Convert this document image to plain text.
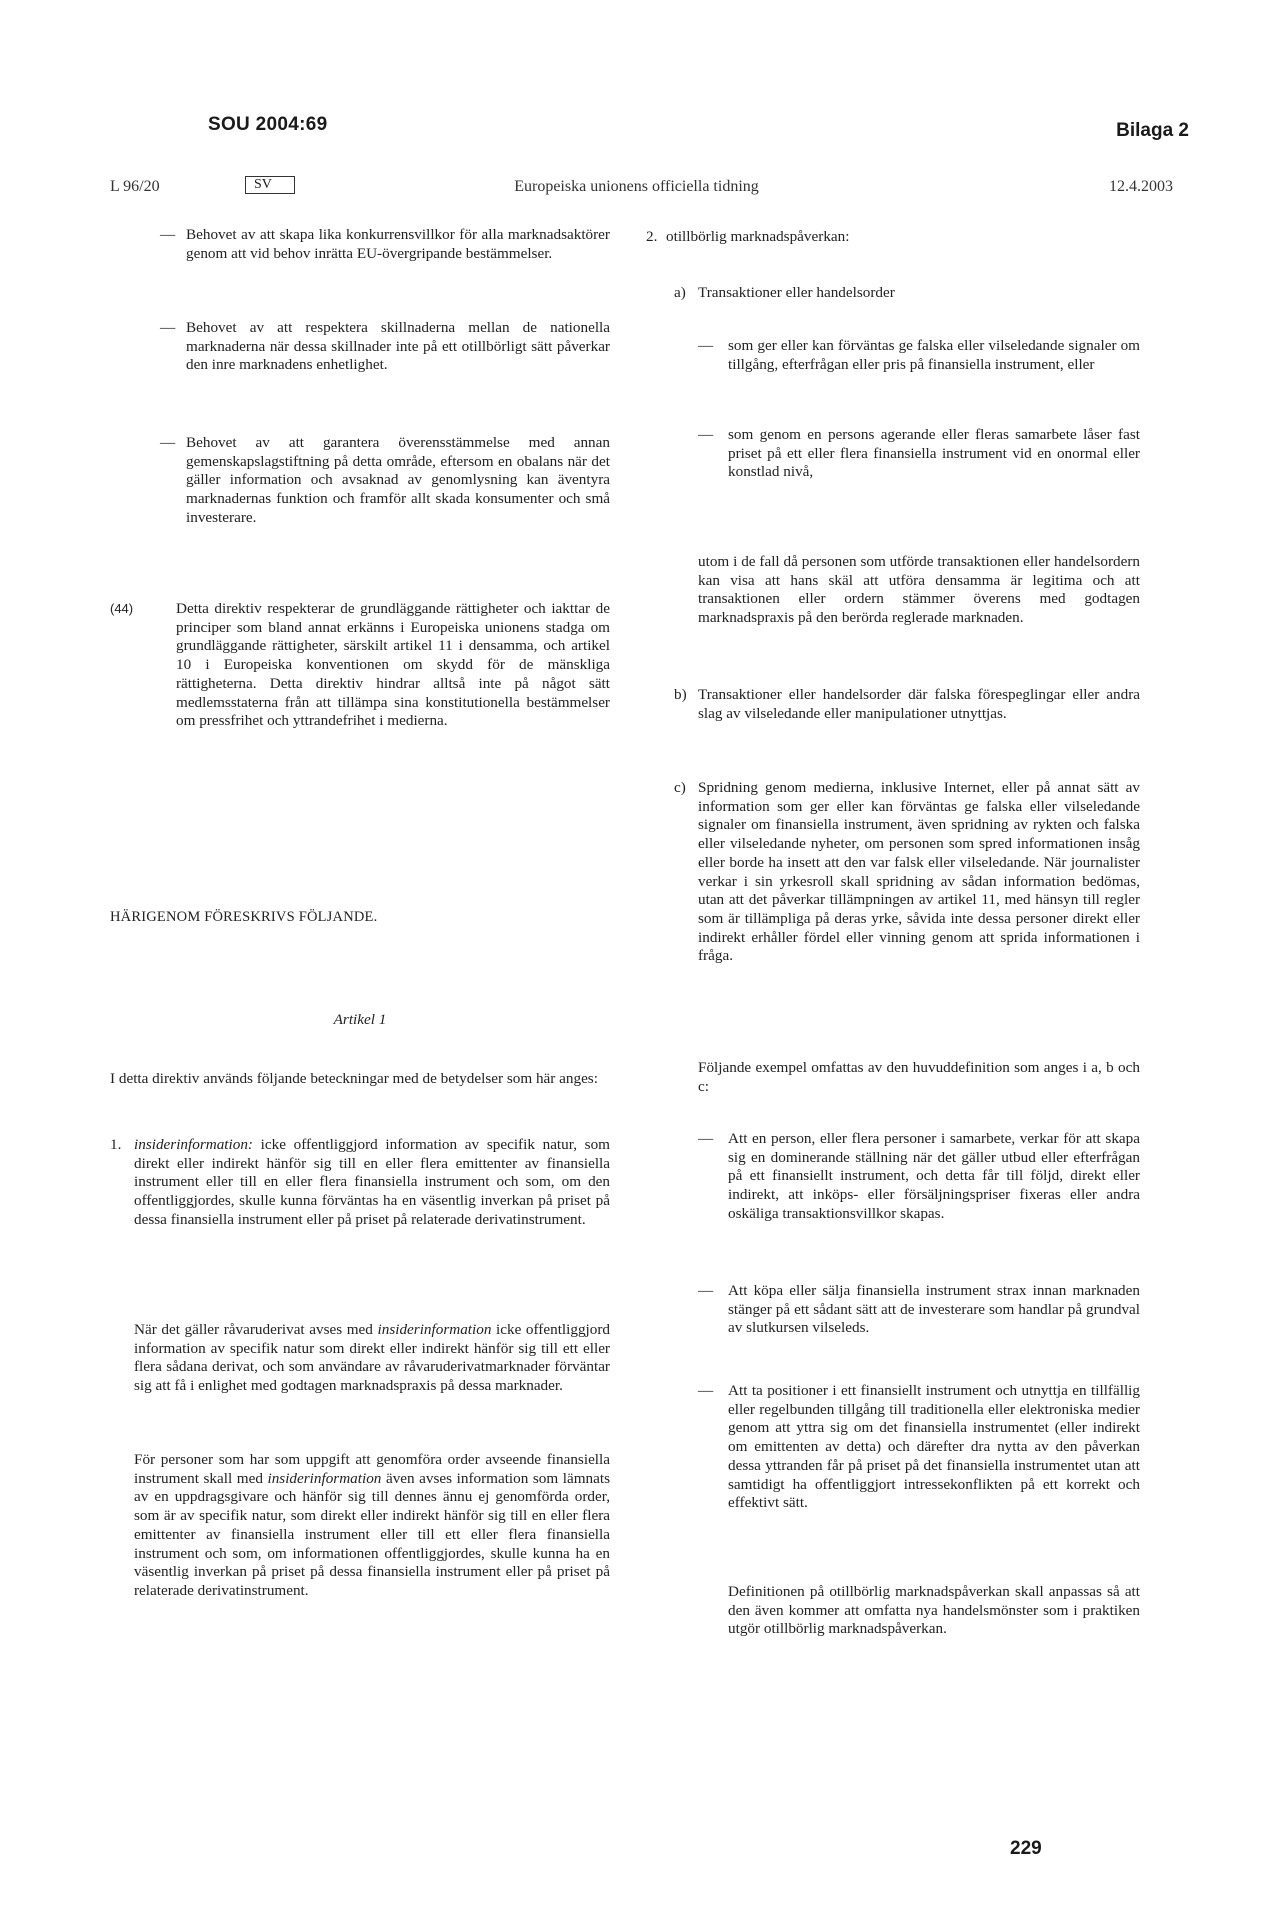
SOU 2004:69	Bilaga 2
L 96/20	SV	Europeiska unionens officiella tidning	12.4.2003
— Behovet av att skapa lika konkurrensvillkor för alla marknadsaktörer genom att vid behov inrätta EU-övergripande bestämmelser.
— Behovet av att respektera skillnaderna mellan de nationella marknaderna när dessa skillnader inte på ett otillbörligt sätt påverkar den inre marknadens enhetlighet.
— Behovet av att garantera överensstämmelse med annan gemenskapslagstiftning på detta område, eftersom en obalans när det gäller information och avsaknad av genomlysning kan äventyra marknadernas funktion och framför allt skada konsumenter och små investerare.
(44)	Detta direktiv respekterar de grundläggande rättigheter och iakttar de principer som bland annat erkänns i Europeiska unionens stadga om grundläggande rättigheter, särskilt artikel 11 i densamma, och artikel 10 i Europeiska konventionen om skydd för de mänskliga rättigheterna. Detta direktiv hindrar alltså inte på något sätt medlemsstaterna från att tillämpa sina konstitutionella bestämmelser om pressfrihet och yttrandefrihet i medierna.

HÄRIGENOM FÖRESKRIVS FÖLJANDE.

Artikel 1

I detta direktiv används följande beteckningar med de betydelser som här anges:

1. insiderinformation: icke offentliggjord information av specifik natur, som direkt eller indirekt hänför sig till en eller flera emittenter av finansiella instrument eller till en eller flera finansiella instrument och som, om den offentliggjordes, skulle kunna förväntas ha en väsentlig inverkan på priset på dessa finansiella instrument eller på priset på relaterade derivatinstrument.

När det gäller råvaruderivat avses med insiderinformation icke offentliggjord information av specifik natur som direkt eller indirekt hänför sig till ett eller flera sådana derivat, och som användare av råvaruderivatmarknader förväntar sig att få i enlighet med godtagen marknadspraxis på dessa marknader.

För personer som har som uppgift att genomföra order avseende finansiella instrument skall med insiderinformation även avses information som lämnats av en uppdragsgivare och hänför sig till dennes ännu ej genomförda order, som är av specifik natur, som direkt eller indirekt hänför sig till en eller flera emittenter av finansiella instrument eller till ett eller flera finansiella instrument och som, om informationen offentliggjordes, skulle kunna ha en väsentlig inverkan på priset på dessa finansiella instrument eller på priset på relaterade derivatinstrument.

2. otillbörlig marknadspåverkan:
a) Transaktioner eller handelsorder
— som ger eller kan förväntas ge falska eller vilseledande signaler om tillgång, efterfrågan eller pris på finansiella instrument, eller
— som genom en persons agerande eller fleras samarbete låser fast priset på ett eller flera finansiella instrument vid en onormal eller konstlad nivå,

utom i de fall då personen som utförde transaktionen eller handelsordern kan visa att hans skäl att utföra densamma är legitima och att transaktionen eller ordern stämmer överens med godtagen marknadspraxis på den berörda reglerade marknaden.

b) Transaktioner eller handelsorder där falska förespeglingar eller andra slag av vilseledande eller manipulationer utnyttjas.
c) Spridning genom medierna, inklusive Internet, eller på annat sätt av information som ger eller kan förväntas ge falska eller vilseledande signaler om finansiella instrument, även spridning av rykten och falska eller vilseledande nyheter, om personen som spred informationen insåg eller borde ha insett att den var falsk eller vilseledande. När journalister verkar i sin yrkesroll skall spridning av sådan information bedömas, utan att det påverkar tillämpningen av artikel 11, med hänsyn till regler som är tillämpliga på deras yrke, såvida inte dessa personer direkt eller indirekt erhåller fördel eller vinning genom att sprida informationen i fråga.

Följande exempel omfattas av den huvuddefinition som anges i a, b och c:

— Att en person, eller flera personer i samarbete, verkar för att skapa sig en dominerande ställning när det gäller utbud eller efterfrågan på ett finansiellt instrument, och detta får till följd, direkt eller indirekt, att inköps- eller försäljningspriser fixeras eller andra oskäliga transaktionsvillkor skapas.
— Att köpa eller sälja finansiella instrument strax innan marknaden stänger på ett sådant sätt att de investerare som handlar på grundval av slutkursen vilseleds.
— Att ta positioner i ett finansiellt instrument och utnyttja en tillfällig eller regelbunden tillgång till traditionella eller elektroniska medier genom att yttra sig om det finansiella instrumentet (eller indirekt om emittenten av detta) och därefter dra nytta av den påverkan dessa yttranden får på priset på det finansiella instrumentet utan att samtidigt ha offentliggjort intressekonflikten på ett korrekt och effektivt sätt.

Definitionen på otillbörlig marknadspåverkan skall anpassas så att den även kommer att omfatta nya handelsmönster som i praktiken utgör otillbörlig marknadspåverkan.

229
